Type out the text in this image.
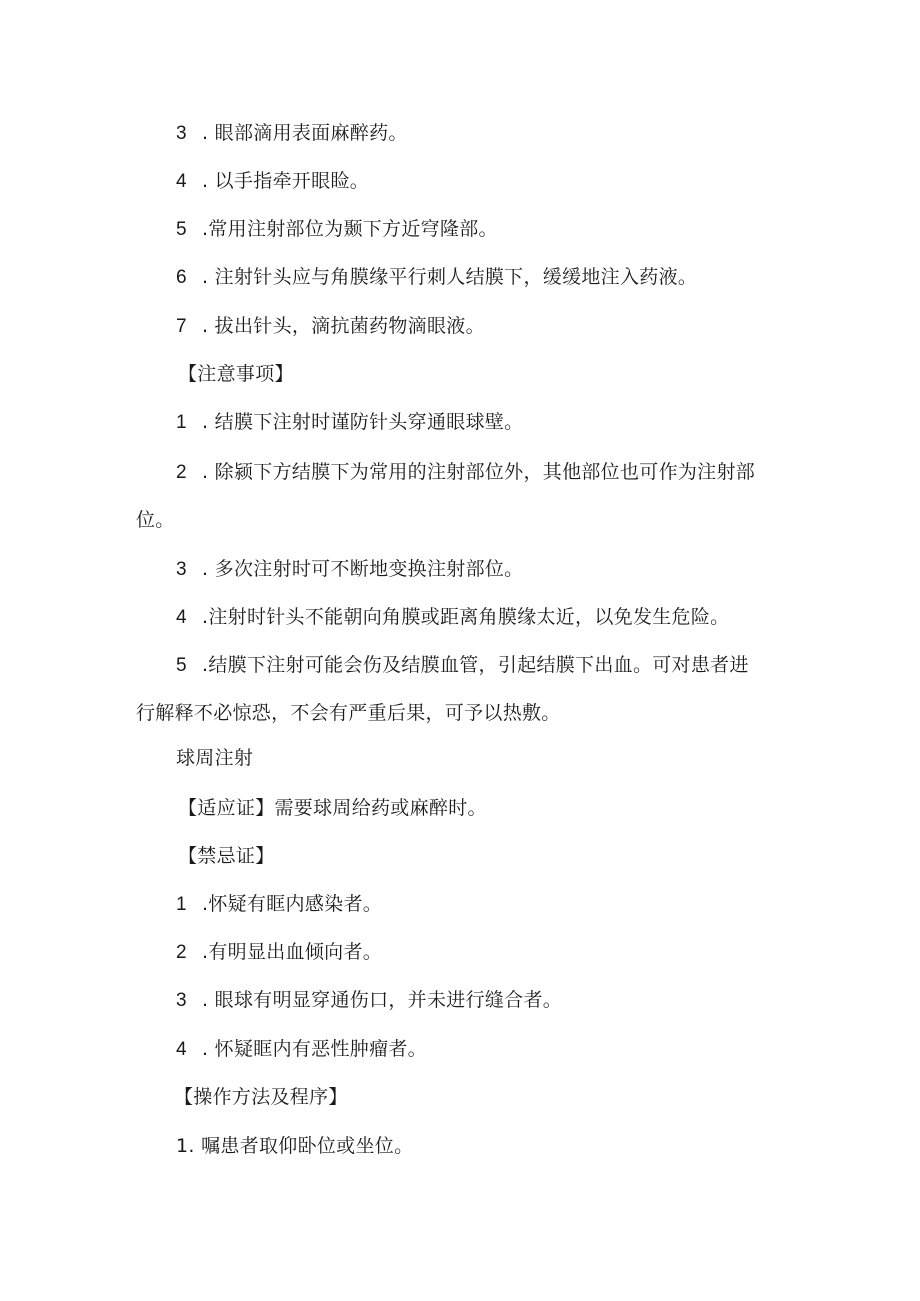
3 . 眼部滴用表面麻醉药。
4 . 以手指牵开眼睑。
5 .常用注射部位为颞下方近穹隆部。
6 . 注射针头应与角膜缘平行刺人结膜下，缓缓地注入药液。
7 . 拔出针头，滴抗菌药物滴眼液。
【注意事项】
1 . 结膜下注射时谨防针头穿通眼球壁。
2 . 除颍下方结膜下为常用的注射部位外，其他部位也可作为注射部
位。
3 . 多次注射时可不断地变换注射部位。
4 .注射时针头不能朝向角膜或距离角膜缘太近，以免发生危险。
5 .结膜下注射可能会伤及结膜血管，引起结膜下出血。可对患者进
行解释不必惊恐，不会有严重后果，可予以热敷。
球周注射
【适应证】需要球周给药或麻醉时。
【禁忌证】
1 .怀疑有眶内感染者。
2 .有明显出血倾向者。
3 . 眼球有明显穿通伤口，并未进行缝合者。
4 . 怀疑眶内有恶性肿瘤者。
【操作方法及程序】
1. 嘱患者取仰卧位或坐位。
